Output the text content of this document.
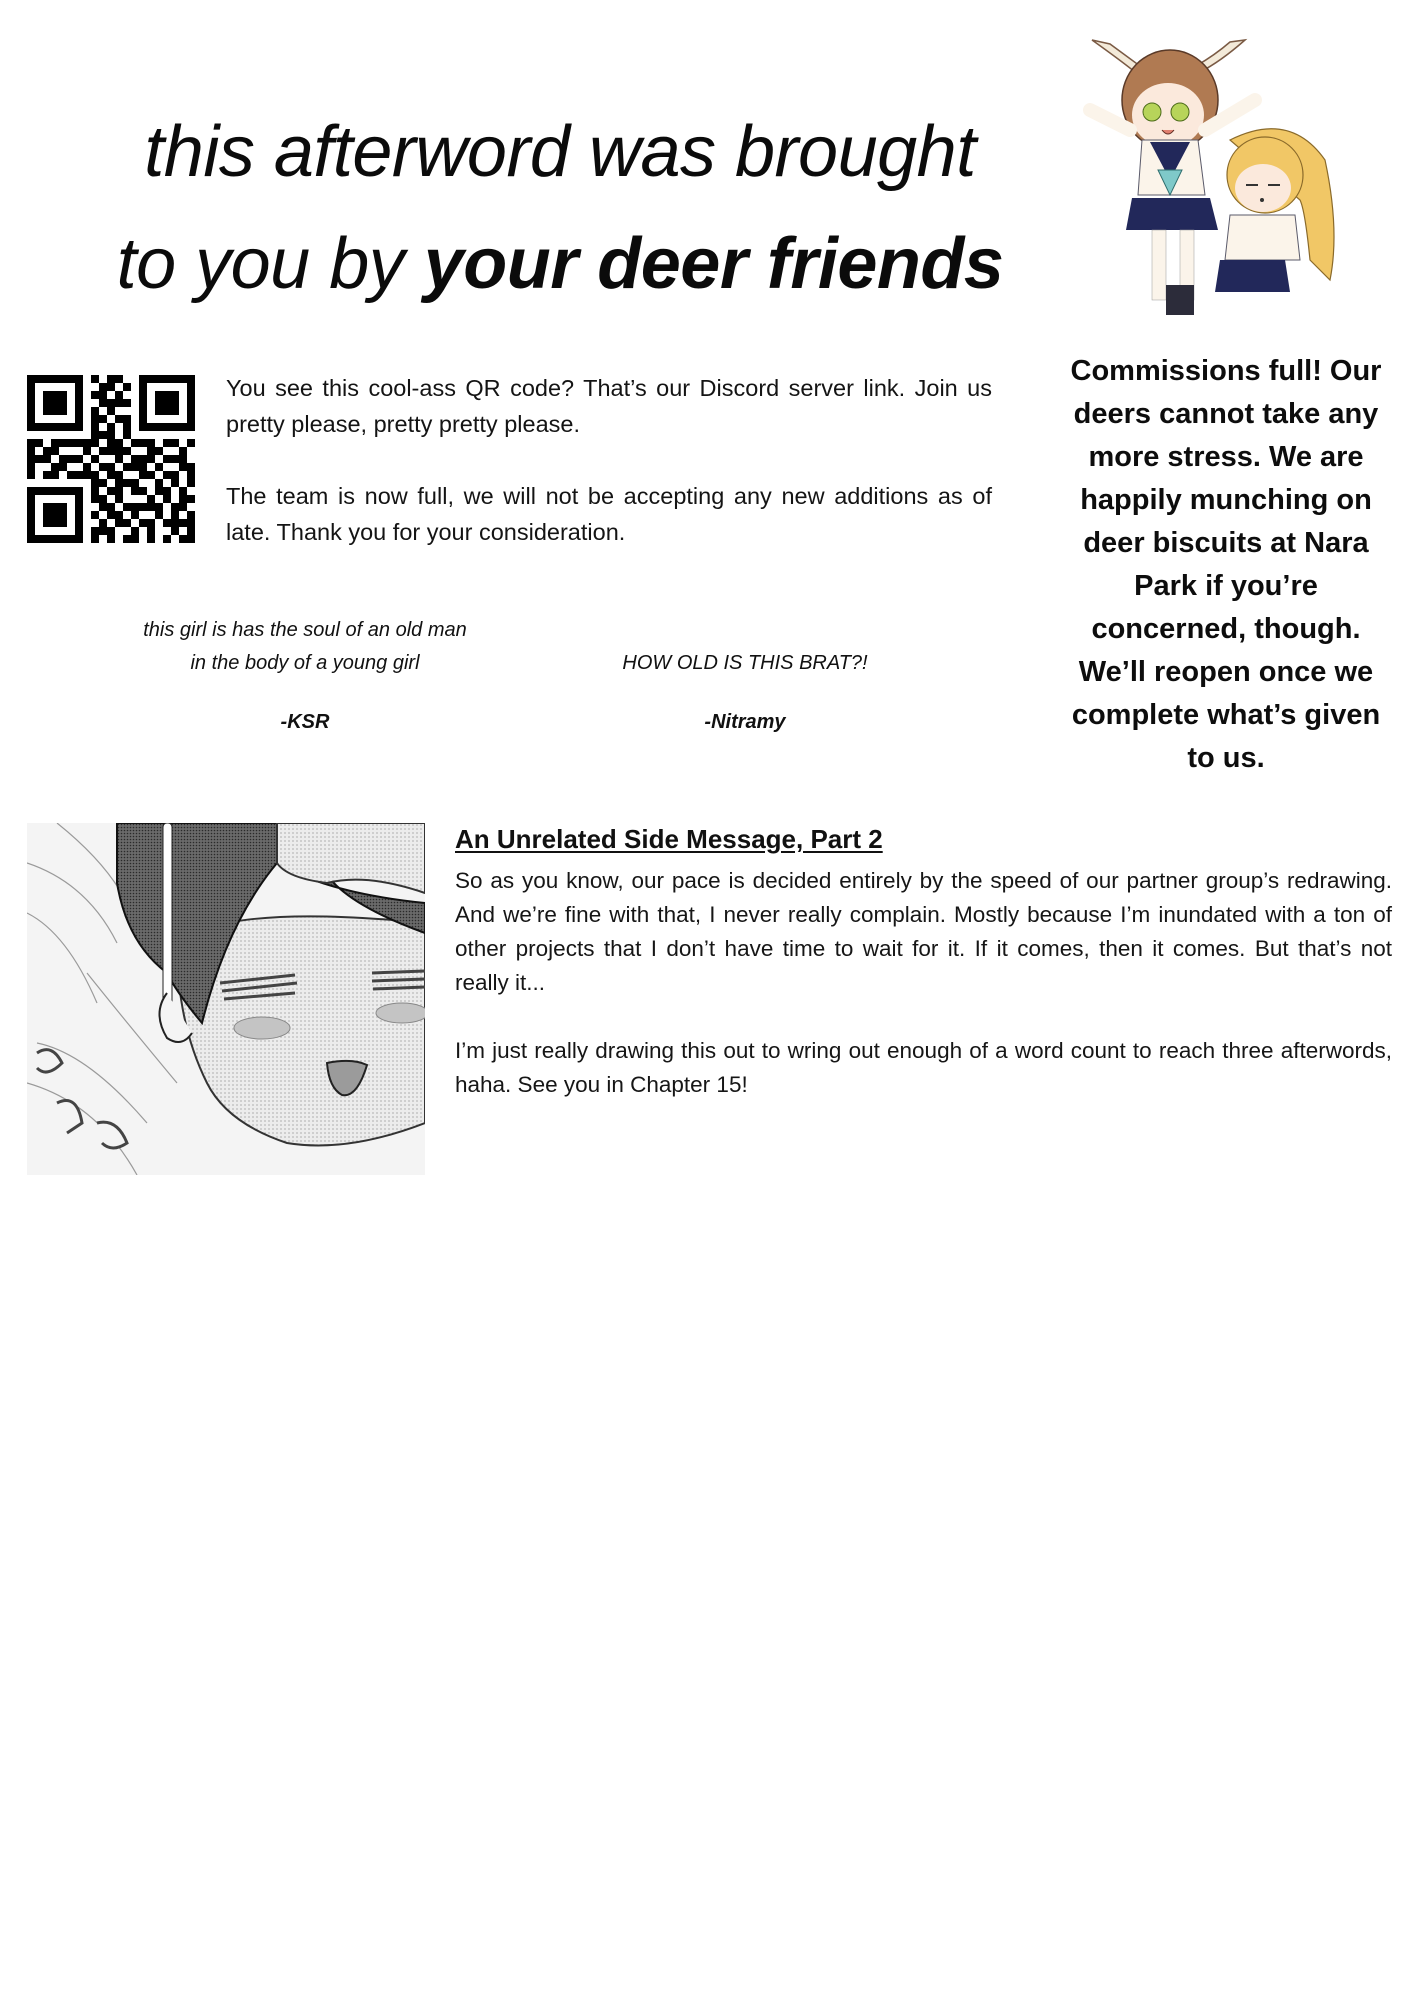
this afterword was brought
to you by your deer friends

You see this cool-ass QR code? That’s our Discord server link. Join us pretty please, pretty pretty please.

The team is now full, we will not be accepting any new additions as of late. Thank you for your consideration.

this girl is has the soul of an old man
in the body of a young girl
-KSR
HOW OLD IS THIS BRAT?!
-Nitramy
Commissions full! Our deers cannot take any more stress. We are happily munching on deer biscuits at Nara Park if you’re concerned, though. We’ll reopen once we complete what’s given to us.
An Unrelated Side Message, Part 2

So as you know, our pace is decided entirely by the speed of our partner group’s redrawing. And we’re fine with that, I never really complain. Mostly because I’m inundated with a ton of other projects that I don’t have time to wait for it. If it comes, then it comes. But that’s not really it...

I’m just really drawing this out to wring out enough of a word count to reach three afterwords, haha. See you in Chapter 15!
